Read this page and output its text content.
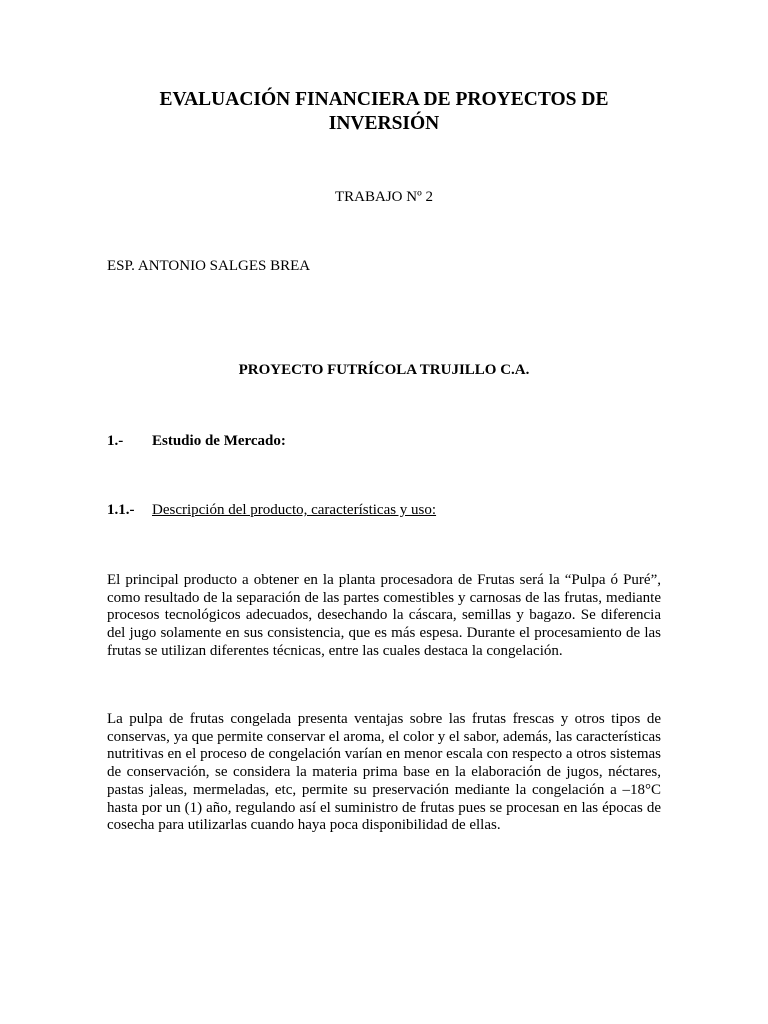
EVALUACIÓN FINANCIERA DE PROYECTOS DE
INVERSIÓN
TRABAJO Nº 2
ESP. ANTONIO SALGES BREA
PROYECTO FUTRÍCOLA TRUJILLO C.A.
1.- Estudio de Mercado:
1.1.- Descripción del producto, características y uso:

El principal producto a obtener en la planta procesadora de Frutas será la “Pulpa ó Puré”, como resultado de la separación de las partes comestibles y carnosas de las frutas, mediante procesos tecnológicos adecuados, desechando la cáscara, semillas y bagazo. Se diferencia del jugo solamente en sus consistencia, que es más espesa. Durante el procesamiento de las frutas se utilizan diferentes técnicas, entre las cuales destaca la congelación.

La pulpa de frutas congelada presenta ventajas sobre las frutas frescas y otros tipos de conservas, ya que permite conservar el aroma, el color y el sabor, además, las características nutritivas en el proceso de congelación varían en menor escala con respecto a otros sistemas de conservación, se considera la materia prima base en la elaboración de jugos, néctares, pastas jaleas, mermeladas, etc, permite su preservación mediante la congelación a –18°C hasta por un (1) año, regulando así el suministro de frutas pues se procesan en las épocas de cosecha para utilizarlas cuando haya poca disponibilidad de ellas.
